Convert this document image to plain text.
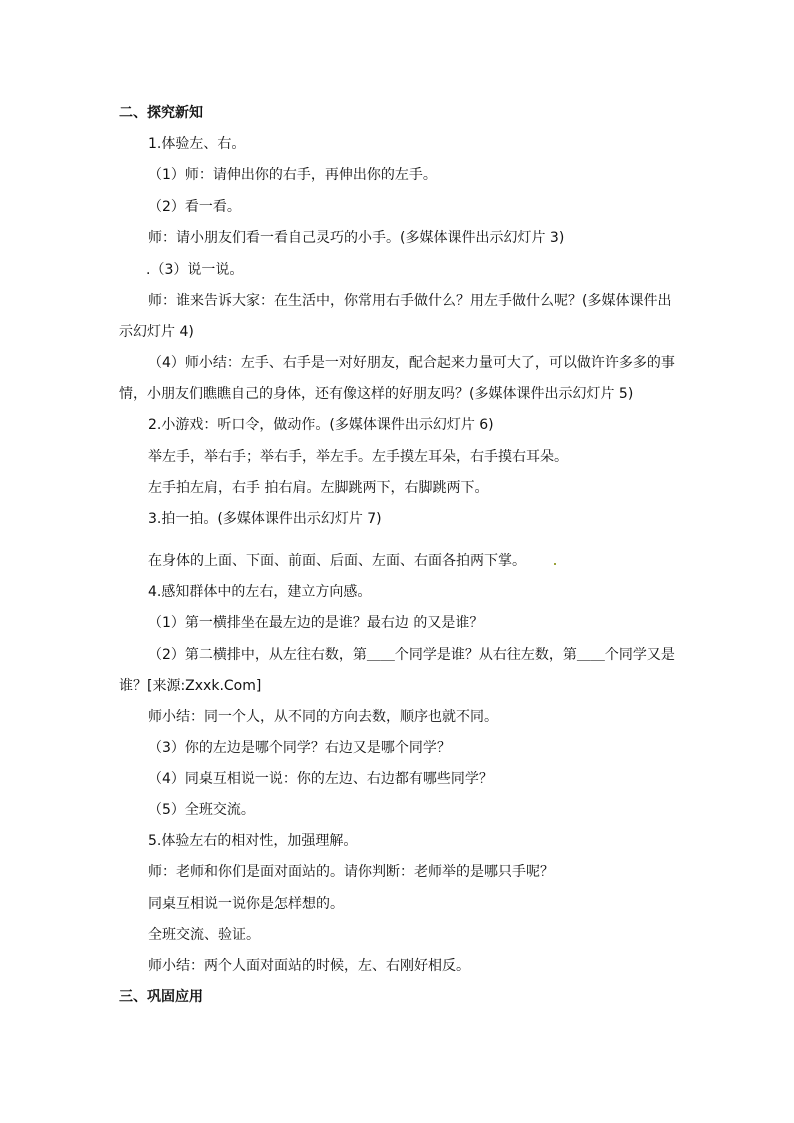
二、探究新知
1.体验左、右。
（1）师：请伸出你的右手，再伸出你的左手。
（2）看一看。
师：请小朋友们看一看自己灵巧的小手。(多媒体课件出示幻灯片 3)
.（3）说一说。
师：谁来告诉大家：在生活中，你常用右手做什么？用左手做什么呢？(多媒体课件出
示幻灯片 4)
（4）师小结：左手、右手是一对好朋友，配合起来力量可大了，可以做许许多多的事
情，小朋友们瞧瞧自己的身体，还有像这样的好朋友吗？(多媒体课件出示幻灯片 5)
2.小游戏：听口令，做动作。(多媒体课件出示幻灯片 6)
举左手，举右手；举右手，举左手。左手摸左耳朵，右手摸右耳朵。
左手拍左肩，右手 拍右肩。左脚跳两下，右脚跳两下。
3.拍一拍。(多媒体课件出示幻灯片 7)
在身体的上面、下面、前面、后面、左面、右面各拍两下掌。
4.感知群体中的左右，建立方向感。
（1）第一横排坐在最左边的是谁？最右边 的又是谁？
（2）第二横排中，从左往右数，第＿＿个同学是谁？从右往左数，第＿＿个同学又是
谁？[来源:Zxxk.Com]
师小结：同一个人，从不同的方向去数，顺序也就不同。
（3）你的左边是哪个同学？右边又是哪个同学？
（4）同桌互相说一说：你的左边、右边都有哪些同学？
（5）全班交流。
5.体验左右的相对性，加强理解。
师：老师和你们是面对面站的。请你判断：老师举的是哪只手呢？
同桌互相说一说你是怎样想的。
全班交流、验证。
师小结：两个人面对面站的时候，左、右刚好相反。
三、巩固应用
